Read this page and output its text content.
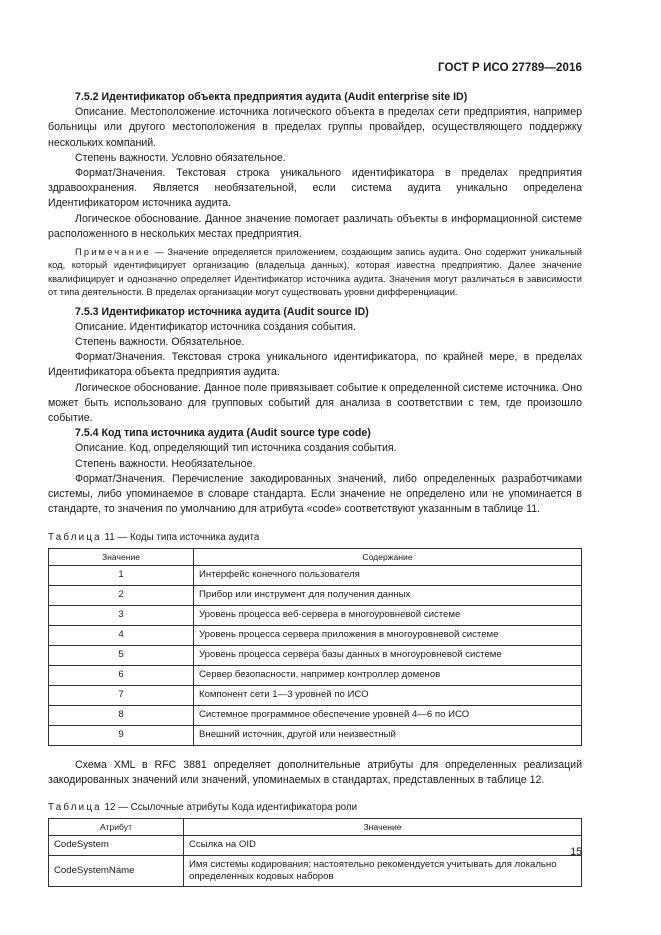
ГОСТ Р ИСО 27789—2016

7.5.2 Идентификатор объекта предприятия аудита (Audit enterprise site ID)

Описание. Местоположение источника логического объекта в пределах сети предприятия, например больницы или другого местоположения в пределах группы провайдер, осуществляющего поддержку нескольких компаний.

Степень важности. Условно обязательное.

Формат/Значения. Текстовая строка уникального идентификатора в пределах предприятия здравоохранения. Является необязательной, если система аудита уникально определена Идентификатором источника аудита.

Логическое обоснование. Данное значение помогает различать объекты в информационной системе расположенного в нескольких местах предприятия.

Примечание — Значение определяется приложением, создающим запись аудита. Оно содержит уникальный код, который идентифицирует организацию (владельца данных), которая известна предприятию. Далее значение квалифицирует и однозначно определяет Идентификатор источника аудита. Значения могут различаться в зависимости от типа деятельности. В пределах организации могут существовать уровни дифференциации.

7.5.3 Идентификатор источника аудита (Audit source ID)

Описание. Идентификатор источника создания события.

Степень важности. Обязательное.

Формат/Значения. Текстовая строка уникального идентификатора, по крайней мере, в пределах Идентификатора объекта предприятия аудита.

Логическое обоснование. Данное поле привязывает событие к определенной системе источника. Оно может быть использовано для групповых событий для анализа в соответствии с тем, где произошло событие.

7.5.4 Код типа источника аудита (Audit source type code)

Описание. Код, определяющий тип источника создания события.

Степень важности. Необязательное.

Формат/Значения. Перечисление закодированных значений, либо определенных разработчиками системы, либо упоминаемое в словаре стандарта. Если значение не определено или не упоминается в стандарте, то значения по умолчанию для атрибута «code» соответствуют указанным в таблице 11.

Таблица 11 — Коды типа источника аудита
Значение	Содержание
1	Интерфейс конечного пользователя
2	Прибор или инструмент для получения данных
3	Уровень процесса веб-сервера в многоуровневой системе
4	Уровень процесса сервера приложения в многоуровневой системе
5	Уровень процесса сервера базы данных в многоуровневой системе
6	Сервер безопасности, например контроллер доменов
7	Компонент сети 1—3 уровней по ИСО
8	Системное программное обеспечение уровней 4—6 по ИСО
9	Внешний источник, другой или неизвестный

Схема XML в RFC 3881 определяет дополнительные атрибуты для определенных реализаций закодированных значений или значений, упоминаемых в стандартах, представленных в таблице 12.

Таблица 12 — Ссылочные атрибуты Кода идентификатора роли
Атрибут	Значение
CodeSystem	Ссылка на OID
CodeSystemName	Имя системы кодирования; настоятельно рекомендуется учитывать для локально определенных кодовых наборов
15
